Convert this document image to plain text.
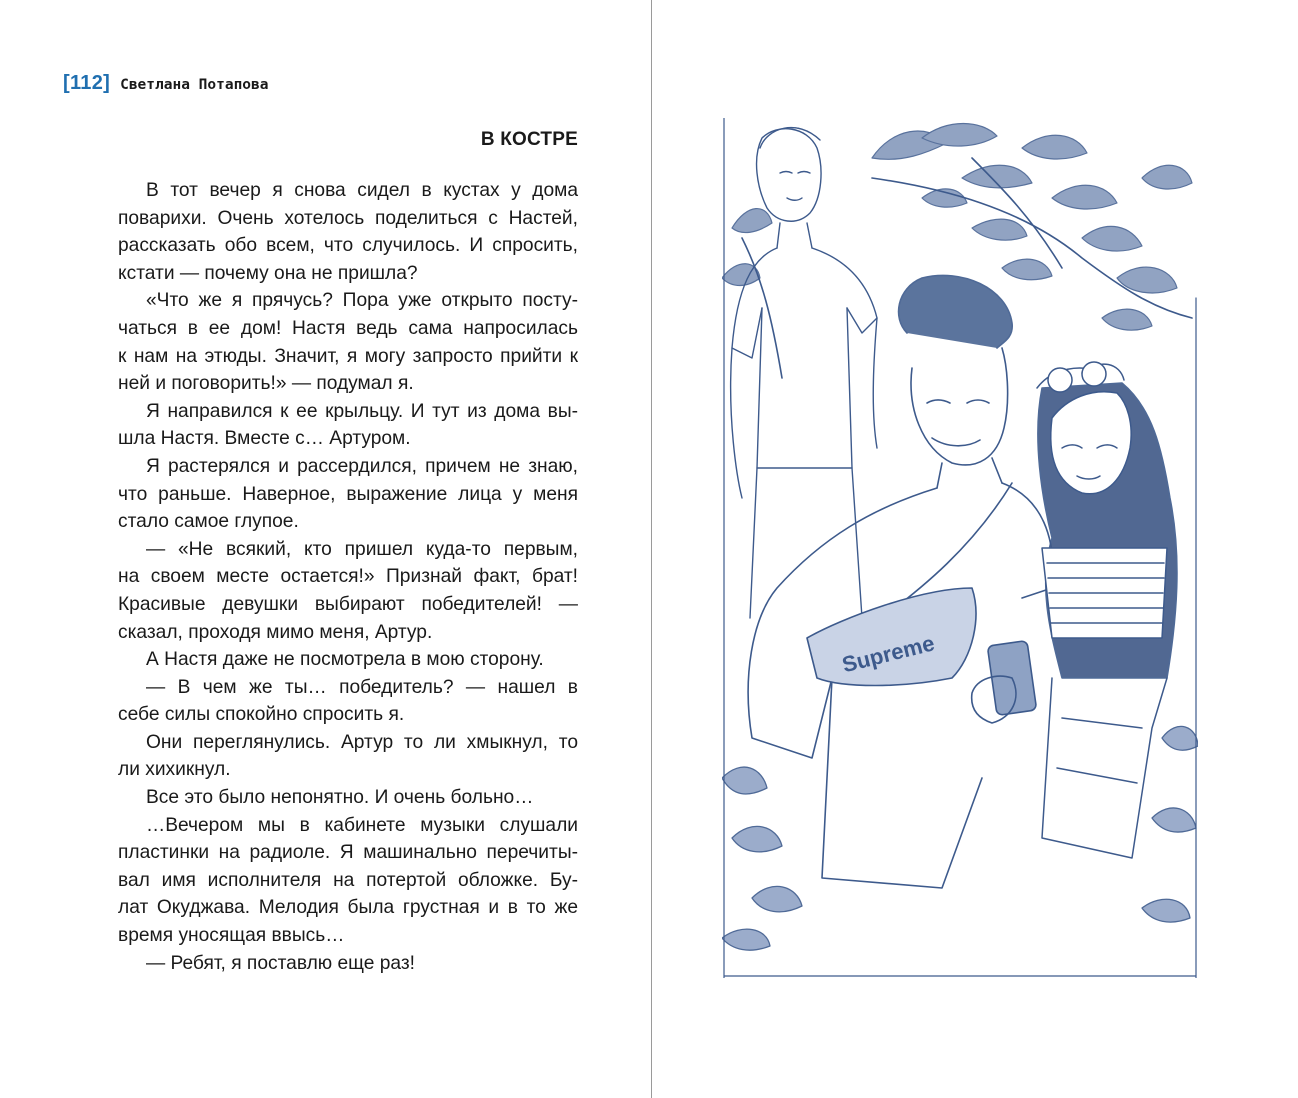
[112] Светлана Потапова
В КОСТРЕ
В тот вечер я снова сидел в кустах у дома
поварихи. Очень хотелось поделиться с Настей,
рассказать обо всем, что случилось. И спросить,
кстати — почему она не пришла?
«Что же я прячусь? Пора уже открыто посту-
чаться в ее дом! Настя ведь сама напросилась
к нам на этюды. Значит, я могу запросто прийти к
ней и поговорить!» — подумал я.
Я направился к ее крыльцу. И тут из дома вы-
шла Настя. Вместе с… Артуром.
Я растерялся и рассердился, причем не знаю,
что раньше. Наверное, выражение лица у меня
стало самое глупое.
— «Не всякий, кто пришел куда-то первым,
на своем месте остается!» Признай факт, брат!
Красивые девушки выбирают победителей! —
сказал, проходя мимо меня, Артур.
А Настя даже не посмотрела в мою сторону.
— В чем же ты… победитель? — нашел в
себе силы спокойно спросить я.
Они переглянулись. Артур то ли хмыкнул, то
ли хихикнул.
Все это было непонятно. И очень больно…
…Вечером мы в кабинете музыки слушали
пластинки на радиоле. Я машинально перечиты-
вал имя исполнителя на потертой обложке. Бу-
лат Окуджава. Мелодия была грустная и в то же
время уносящая ввысь…
— Ребят, я поставлю еще раз!
Supreme
